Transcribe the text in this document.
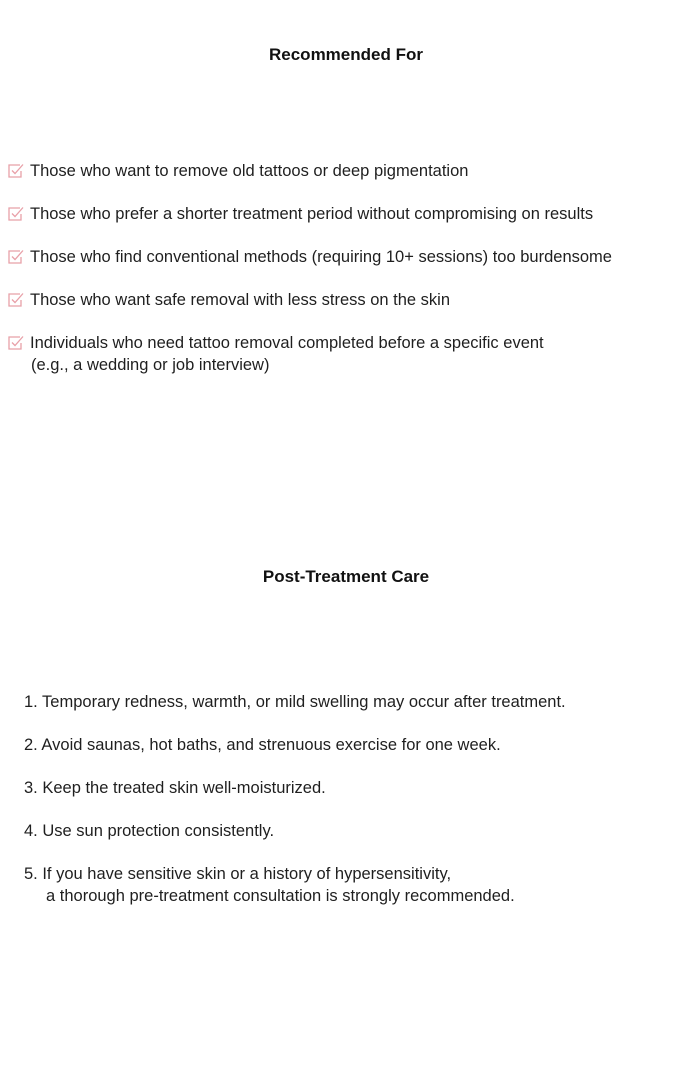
Recommended For
Those who want to remove old tattoos or deep pigmentation
Those who prefer a shorter treatment period without compromising on results
Those who find conventional methods (requiring 10+ sessions) too burdensome
Those who want safe removal with less stress on the skin
Individuals who need tattoo removal completed before a specific event
(e.g., a wedding or job interview)
Post-Treatment Care
1. Temporary redness, warmth, or mild swelling may occur after treatment.
2. Avoid saunas, hot baths, and strenuous exercise for one week.
3. Keep the treated skin well-moisturized.
4. Use sun protection consistently.
5. If you have sensitive skin or a history of hypersensitivity,
a thorough pre-treatment consultation is strongly recommended.
